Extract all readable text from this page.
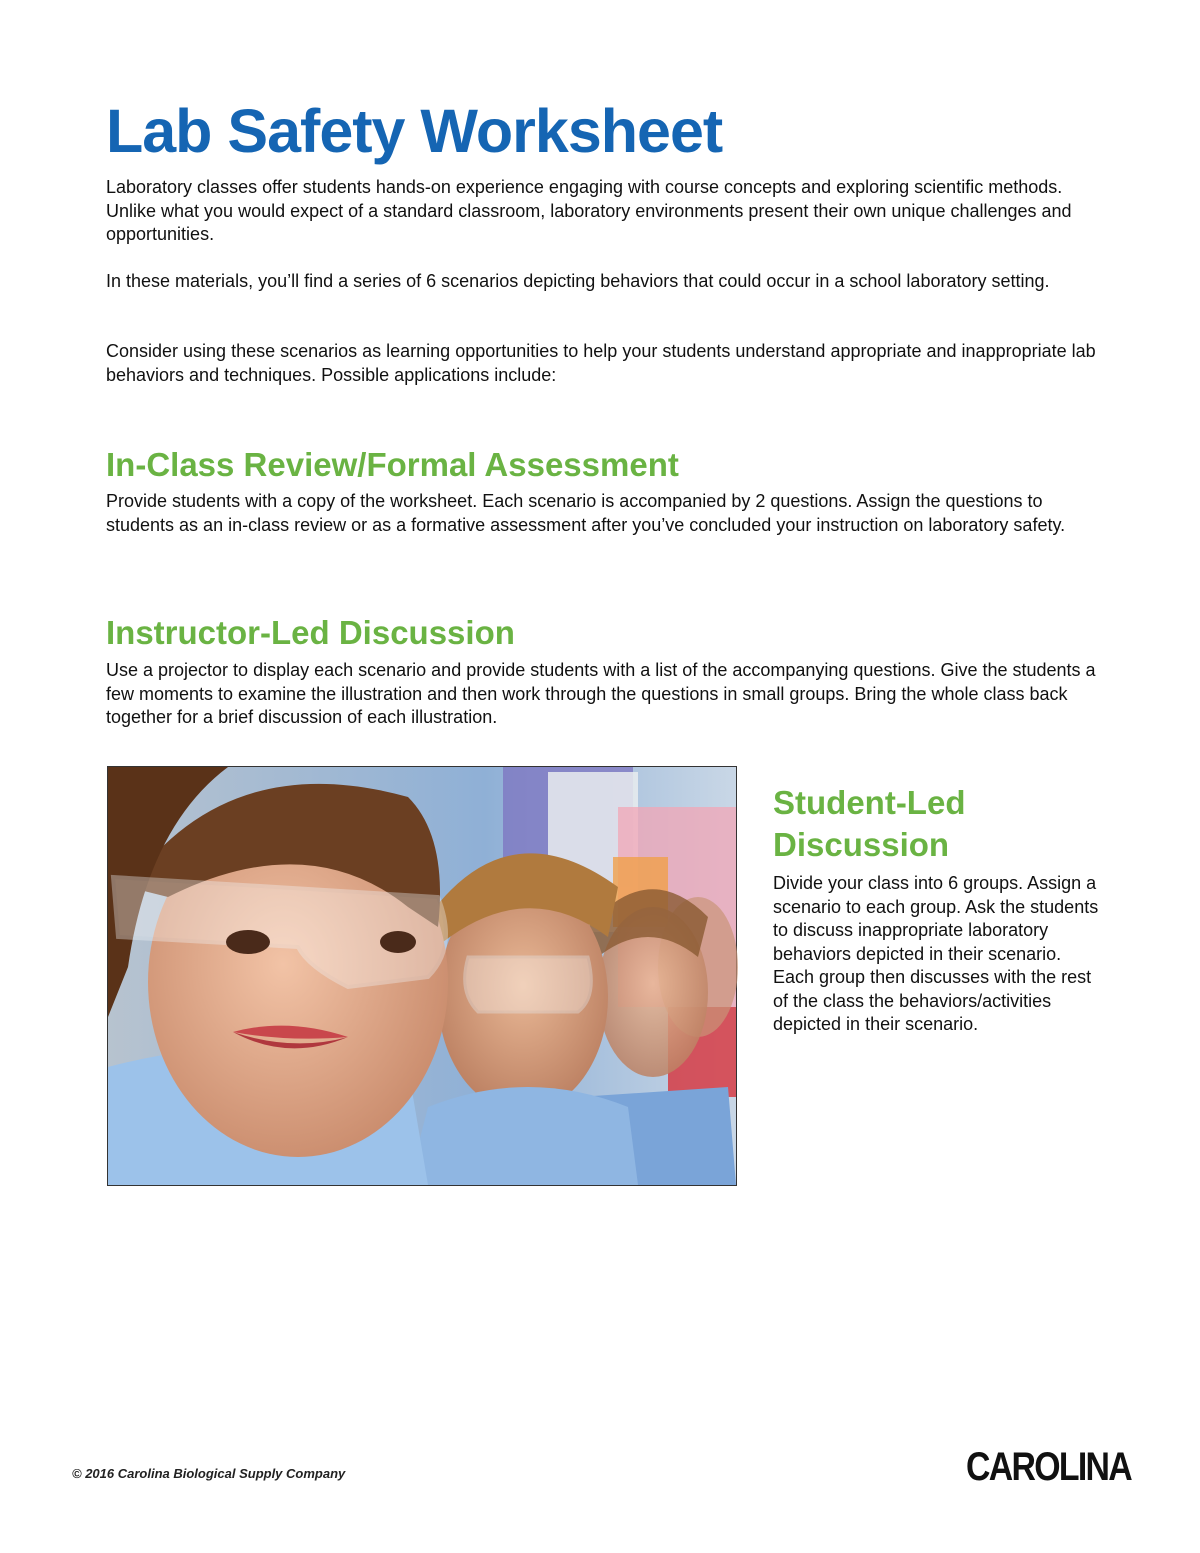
Lab Safety Worksheet

Laboratory classes offer students hands-on experience engaging with course concepts and exploring scientific methods. Unlike what you would expect of a standard classroom, laboratory environments present their own unique challenges and opportunities.

In these materials, you’ll find a series of 6 scenarios depicting behaviors that could occur in a school laboratory setting.

Consider using these scenarios as learning opportunities to help your students understand appropriate and inappropriate lab behaviors and techniques. Possible applications include:

In-Class Review/Formal Assessment

Provide students with a copy of the worksheet. Each scenario is accompanied by 2 questions. Assign the questions to students as an in-class review or as a formative assessment after you’ve concluded your instruction on laboratory safety.

Instructor-Led Discussion

Use a projector to display each scenario and provide students with a list of the accompanying questions. Give the students a few moments to examine the illustration and then work through the questions in small groups. Bring the whole class back together for a brief discussion of each illustration.

Student-Led Discussion

Divide your class into 6 groups. Assign a scenario to each group. Ask the students to discuss inappropriate laboratory behaviors depicted in their scenario. Each group then discusses with the rest of the class the behaviors/activities depicted in their scenario.

© 2016 Carolina Biological Supply Company	CAROLINA
